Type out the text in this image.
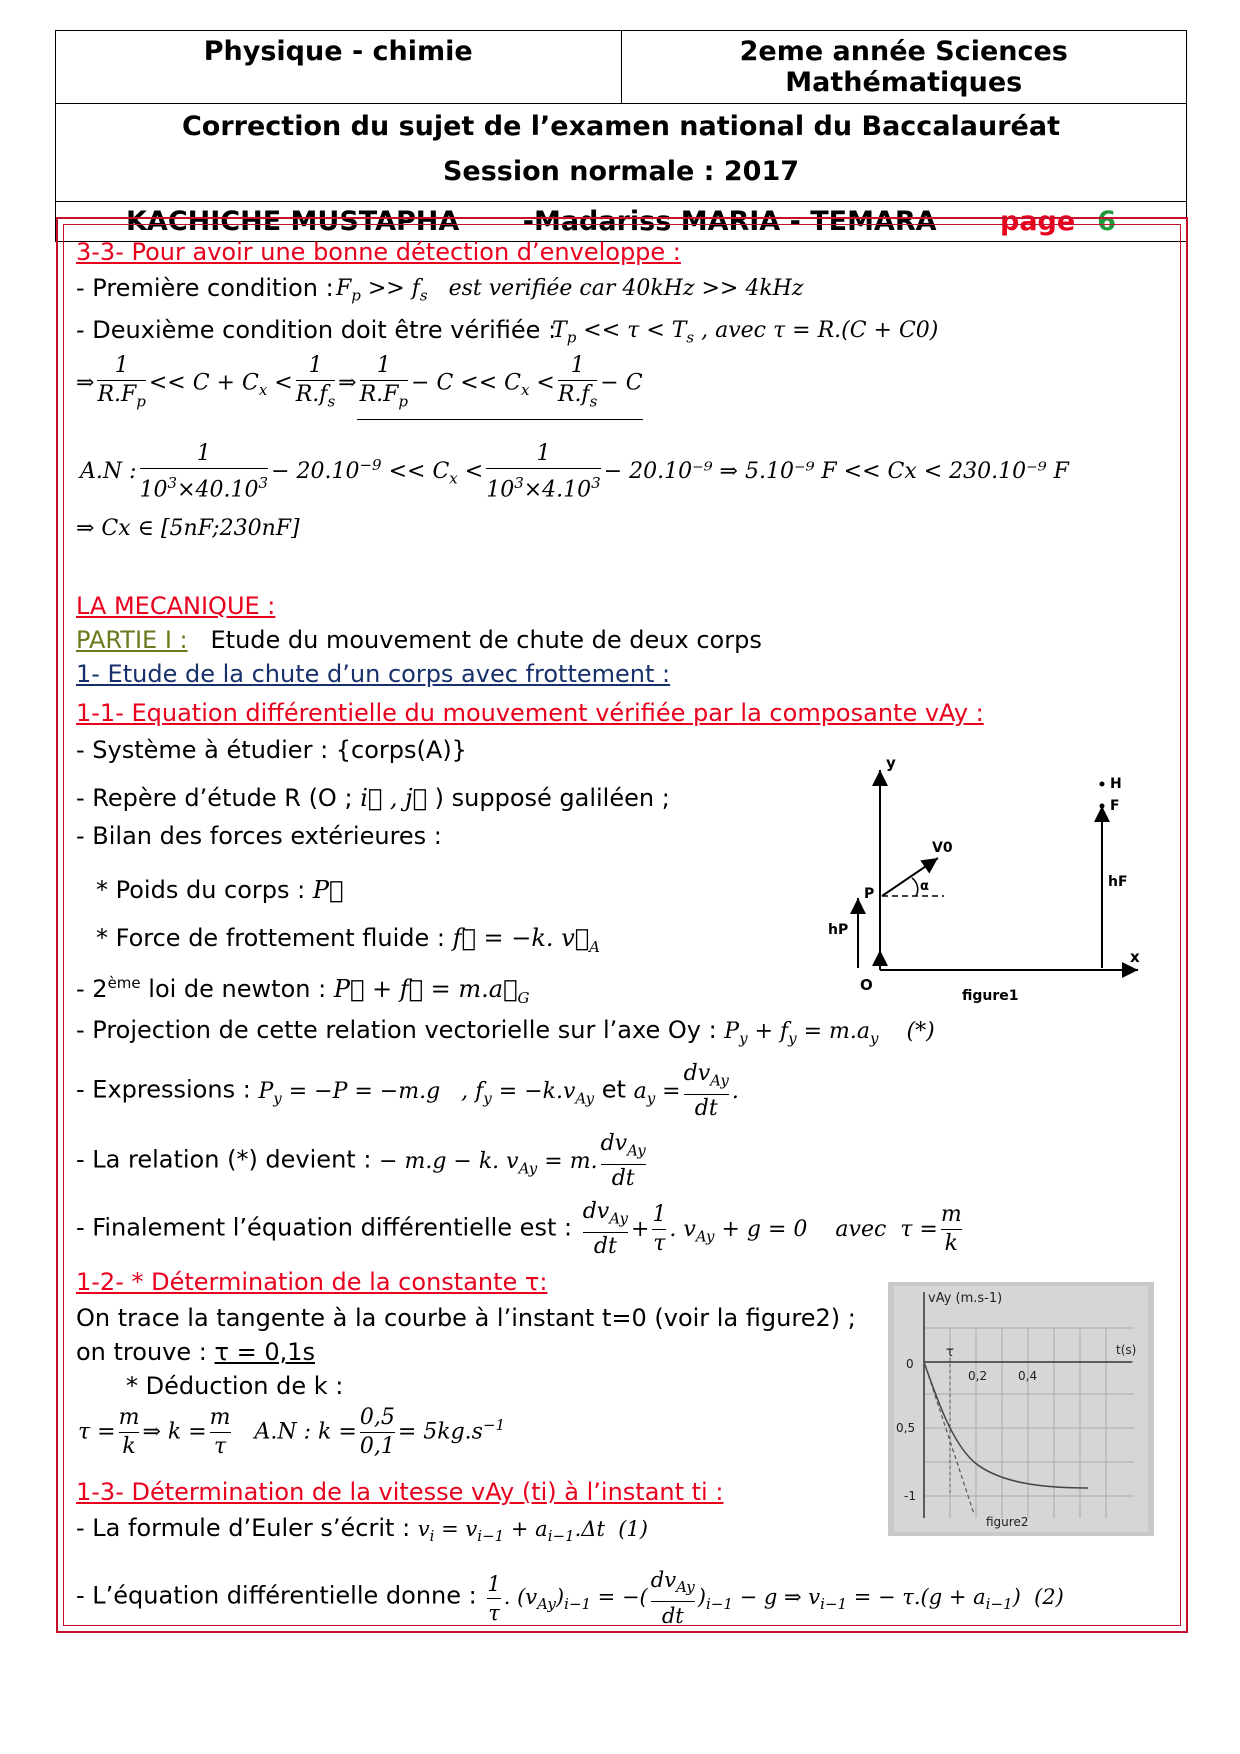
Physique - chimie	2eme année Sciences Mathématiques
Correction du sujet de l’examen national du Baccalauréat
Session normale : 2017
KACHICHE MUSTAPHA -Madariss MARIA - TEMARA page 6
3-3- Pour avoir une bonne détection d’enveloppe :
- Première condition : $F_p >> f_s$ est verifiée car 40kHz >> 4kHz
- Deuxième condition doit être vérifiée :
$T_p << \tau < T_s$ , avec τ = R.(C + C0)
⇒ $\frac{1}{R.F_p} << C + C_x < \frac{1}{R.f_s}$ ⇒ $\frac{1}{R.F_p} - C << C_x < \frac{1}{R.f_s} - C$
A.N : $\frac{1}{10^3\times 40.10^3} - 20.10^{-9} << C_x < \frac{1}{10^3\times 4.10^3} - 20.10^{-9}$ ⇒ 5.10⁻⁹ F << Cx < 230.10⁻⁹ F
⇒ Cx ∈ [5nF;230nF]
LA MECANIQUE :
PARTIE I : Etude du mouvement de chute de deux corps
1- Etude de la chute d’un corps avec frottement :
1-1- Equation différentielle du mouvement vérifiée par la composante vAy :
- Système à étudier : {corps(A)}
- Repère d’étude R (O ; i⃗ , j⃗ ) supposé galiléen ;
- Bilan des forces extérieures :
* Poids du corps : P⃗
* Force de frottement fluide : f⃗ = −k. $v⃗_A$
- 2ème loi de newton : P⃗ + f⃗ = $m.a⃗_G$
- Projection de cette relation vectorielle sur l’axe Oy : $P_y + f_y = m.a_y$    (*)
- Expressions : $P_y = -P = -m.g$   , $f_y = -k.v_{Ay}$ et $a_y = \frac{dv_{Ay}}{dt}$ .
- La relation (*) devient : − m.g − k. $v_{Ay} = m$. $\frac{dv_{Ay}}{dt}$
- Finalement l’équation différentielle est : $\frac{dv_{Ay}}{dt} + \frac{1}{\tau}$ . $v_{Ay} + g = 0$    avec  $\tau = \frac{m}{k}$
1-2- * Détermination de la constante τ:
On trace la tangente à la courbe à l’instant t=0 (voir la figure2) ;
on trouve : τ = 0,1s
* Déduction de k :
$\tau = \frac{m}{k}$ ⇒ $k = \frac{m}{\tau} A.N$ : $k = \frac{0,5}{0,1} = 5kg.s^{-1}$
1-3- Détermination de la vitesse vAy (ti) à l’instant ti :
- La formule d’Euler s’écrit : $v_i = v_{i-1} + a_{i-1}.\Delta t$  (1)
- L’équation différentielle donne : $\frac{1}{\tau}$ . $(v_{Ay})_{i-1}$ = −( $\frac{dv_{Ay}}{dt} )_{i-1} - g$ ⇒ $v_{i-1}$ = − $\tau.(g + a_{i-1})$  (2)
y
x
O
P
H
F
hP
hF
V0
α
figure1
vAy (m.s-1)
t(s)
τ
0,2	0,4
0
0,5
-1
figure2
